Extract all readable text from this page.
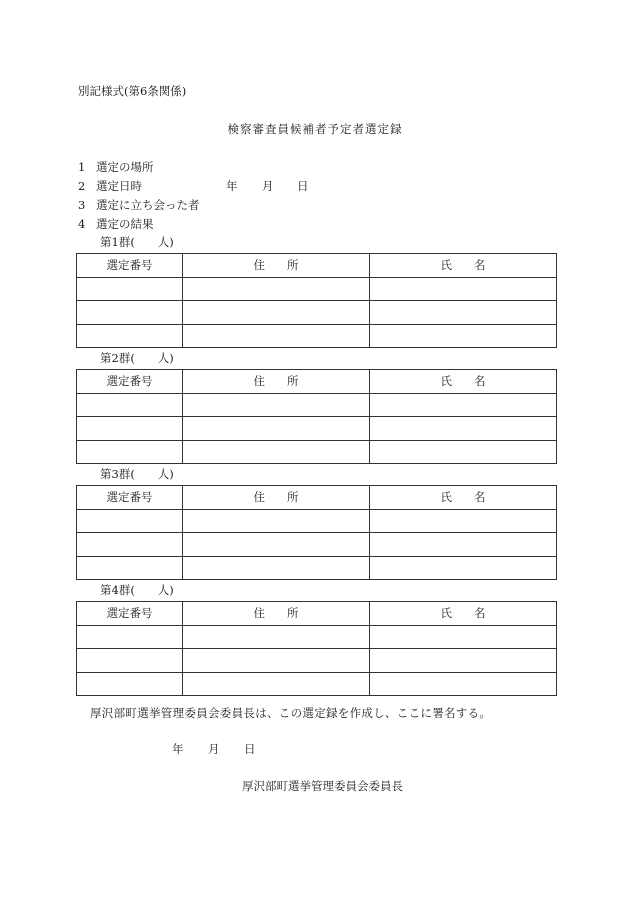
別記様式(第6条関係)
検察審査員候補者予定者選定録
1 選定の場所
2 選定日時	年 月 日
3 選定に立ち会った者
4 選定の結果
第1群(　　人)
選定番号	住 所	氏 名

第2群(　　人)
選定番号	住 所	氏 名

第3群(　　人)
選定番号	住 所	氏 名

第4群(　　人)
選定番号	住 所	氏 名

厚沢部町選挙管理委員会委員長は、この選定録を作成し、ここに署名する。
年 月 日
厚沢部町選挙管理委員会委員長
